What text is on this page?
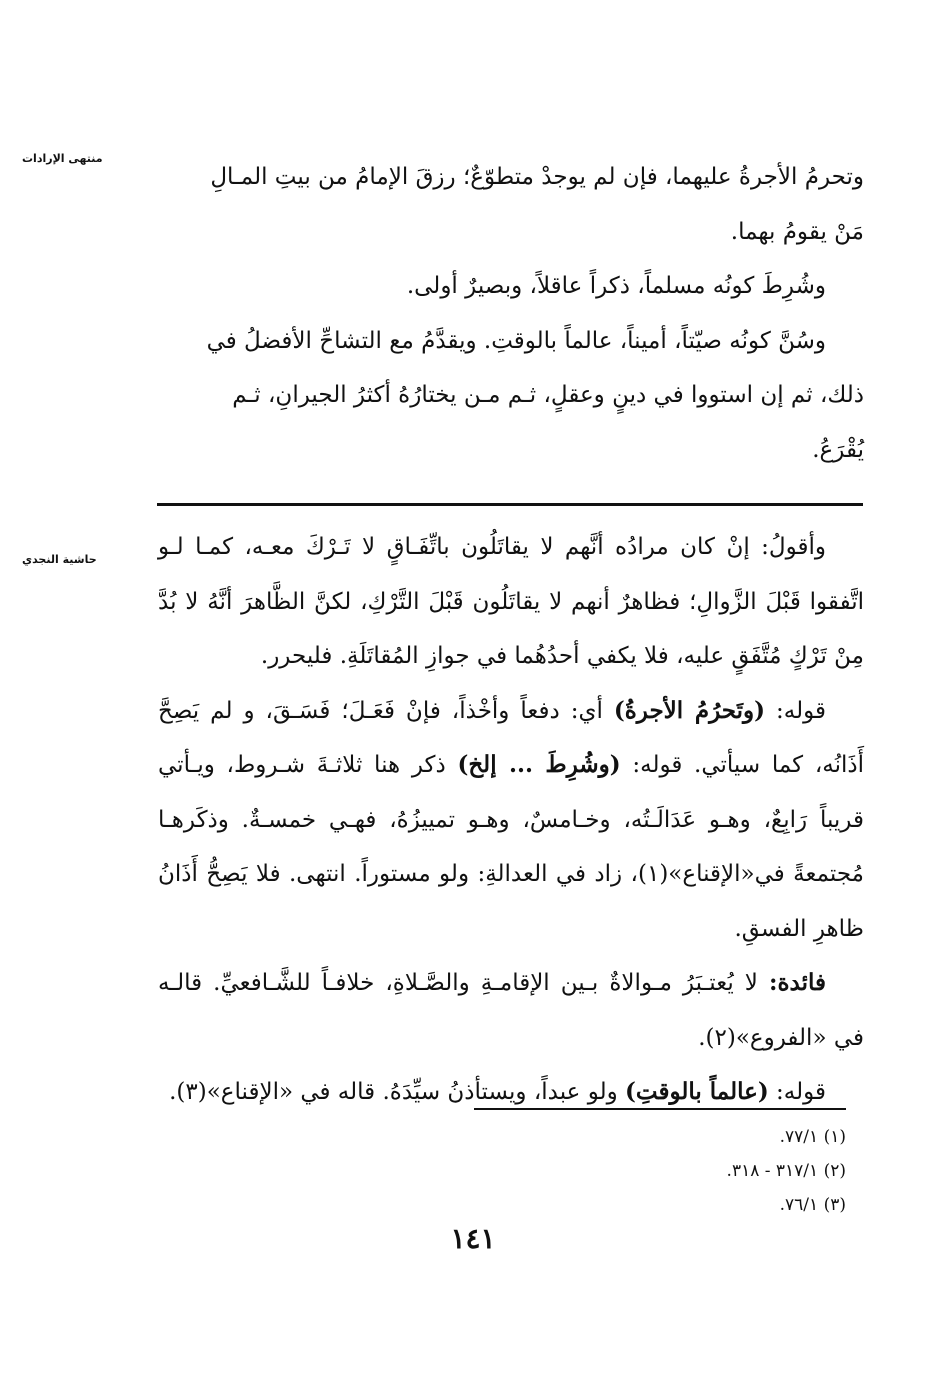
منتهى الإرادات
حاشية النجدي

وتحرمُ الأجرةُ عليهما، فإن لم يوجدْ متطوّعٌ؛ رزقَ الإمامُ من بيتِ المـالِ

مَنْ يقومُ بهما.

وشُرِطَ كونُه مسلماً، ذكراً عاقلاً، وبصيرٌ أولى.

وسُنَّ كونُه صيّتاً، أميناً، عالماً بالوقتِ. ويقدَّمُ مع التشاحِّ الأفضلُ في

ذلك، ثم إن استووا في دينٍ وعقلٍ، ثـم مـن يختارُهُ أكثرُ الجيرانِ، ثـم

يُقْرَعُ.

وأقولُ: إنْ كان مرادُه أنَّهم لا يقاتَلُون باتِّفَـاقٍ لا تَـرْكَ معـه، كمـا لـو اتَّفقوا قَبْلَ الزَّوالِ؛ فظاهرٌ أنهم لا يقاتَلُون قَبْلَ التَّرْكِ، لكنَّ الظَّاهرَ أنَّهُ لا بُدَّ مِنْ تَرْكٍ مُتَّفَقٍ عليه، فلا يكفي أحدُهُما في جوازِ المُقاتَلَةِ. فليحرر.

قوله: (وتَحرُمُ الأجرةُ) أي: دفعاً وأخْذاً، فإنْ فَعَـلَ؛ فَسَـقَ، و لم يَصِحَّ أَذَانُه، كما سيأتي. قوله: (وشُرِطَ ... إلخ) ذكر هنا ثلاثـةَ شـروط، ويـأتي قريباً رَابِعٌ، وهـو عَدَالَـتُه، وخـامسٌ، وهـو تمييزُهُ، فهـي خمسـةٌ. وذكَرهـا مُجتمعةً في«الإقناع»(١)، زاد في العدالةِ: ولو مستوراً. انتهى. فلا يَصِحُّ أَذَانُ ظاهرِ الفسقِ.

فائدة: لا يُعتـبَرُ مـوالاةٌ بـين الإقامـةِ والصَّـلاةِ، خلافـاً للشَّـافعيِّ. قالـه في «الفروع»(٢).

قوله: (عالماً بالوقتِ) ولو عبداً، ويستأذنُ سيِّدَهُ. قاله في «الإقناع»(٣).

(١) ٧٧/١.
(٢) ٣١٧/١ - ٣١٨.
(٣) ٧٦/١.
١٤١
